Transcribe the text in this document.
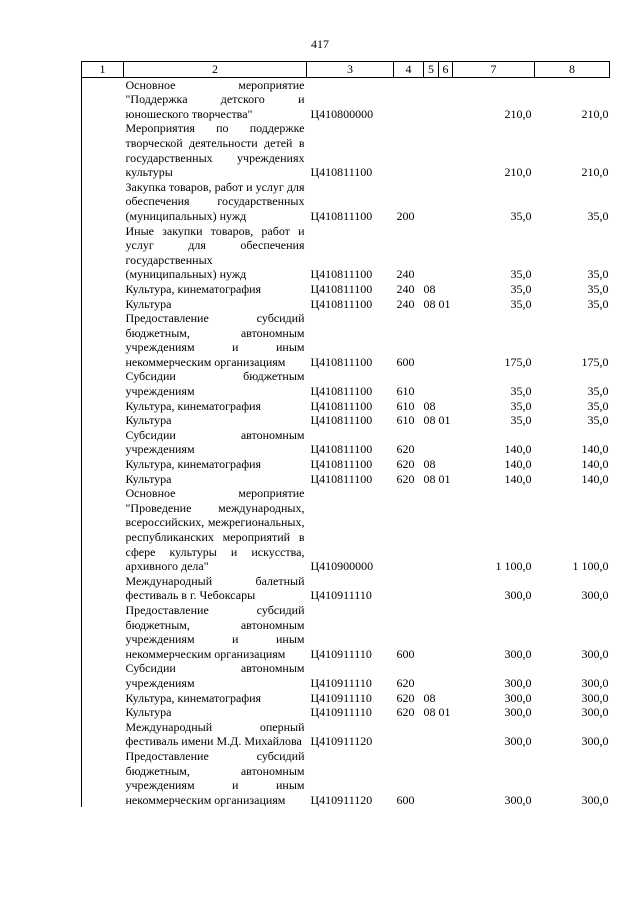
417
1	2	3	4	5	6	7	8
	Основное мероприятие "Поддержка детского и юношеского творчества"	Ц410800000				210,0	210,0
	Мероприятия по поддержке творческой деятельности детей в государственных учреждениях культуры	Ц410811100				210,0	210,0
	Закупка товаров, работ и услуг для обеспечения государственных (муниципальных) нужд	Ц410811100	200			35,0	35,0
	Иные закупки товаров, работ и услуг для обеспечения государственных (муниципальных) нужд	Ц410811100	240			35,0	35,0
	Культура, кинематография	Ц410811100	240	08		35,0	35,0
	Культура	Ц410811100	240	08	01	35,0	35,0
	Предоставление субсидий бюджетным, автономным учреждениям и иным некоммерческим организациям	Ц410811100	600			175,0	175,0
	Субсидии бюджетным учреждениям	Ц410811100	610			35,0	35,0
	Культура, кинематография	Ц410811100	610	08		35,0	35,0
	Культура	Ц410811100	610	08	01	35,0	35,0
	Субсидии автономным учреждениям	Ц410811100	620			140,0	140,0
	Культура, кинематография	Ц410811100	620	08		140,0	140,0
	Культура	Ц410811100	620	08	01	140,0	140,0
	Основное мероприятие "Проведение международных, всероссийских, межрегиональных, республиканских мероприятий в сфере культуры и искусства, архивного дела"	Ц410900000				1 100,0	1 100,0
	Международный балетный фестиваль в г. Чебоксары	Ц410911110				300,0	300,0
	Предоставление субсидий бюджетным, автономным учреждениям и иным некоммерческим организациям	Ц410911110	600			300,0	300,0
	Субсидии автономным учреждениям	Ц410911110	620			300,0	300,0
	Культура, кинематография	Ц410911110	620	08		300,0	300,0
	Культура	Ц410911110	620	08	01	300,0	300,0
	Международный оперный фестиваль имени М.Д. Михайлова	Ц410911120				300,0	300,0
	Предоставление субсидий бюджетным, автономным учреждениям и иным некоммерческим организациям	Ц410911120	600			300,0	300,0
